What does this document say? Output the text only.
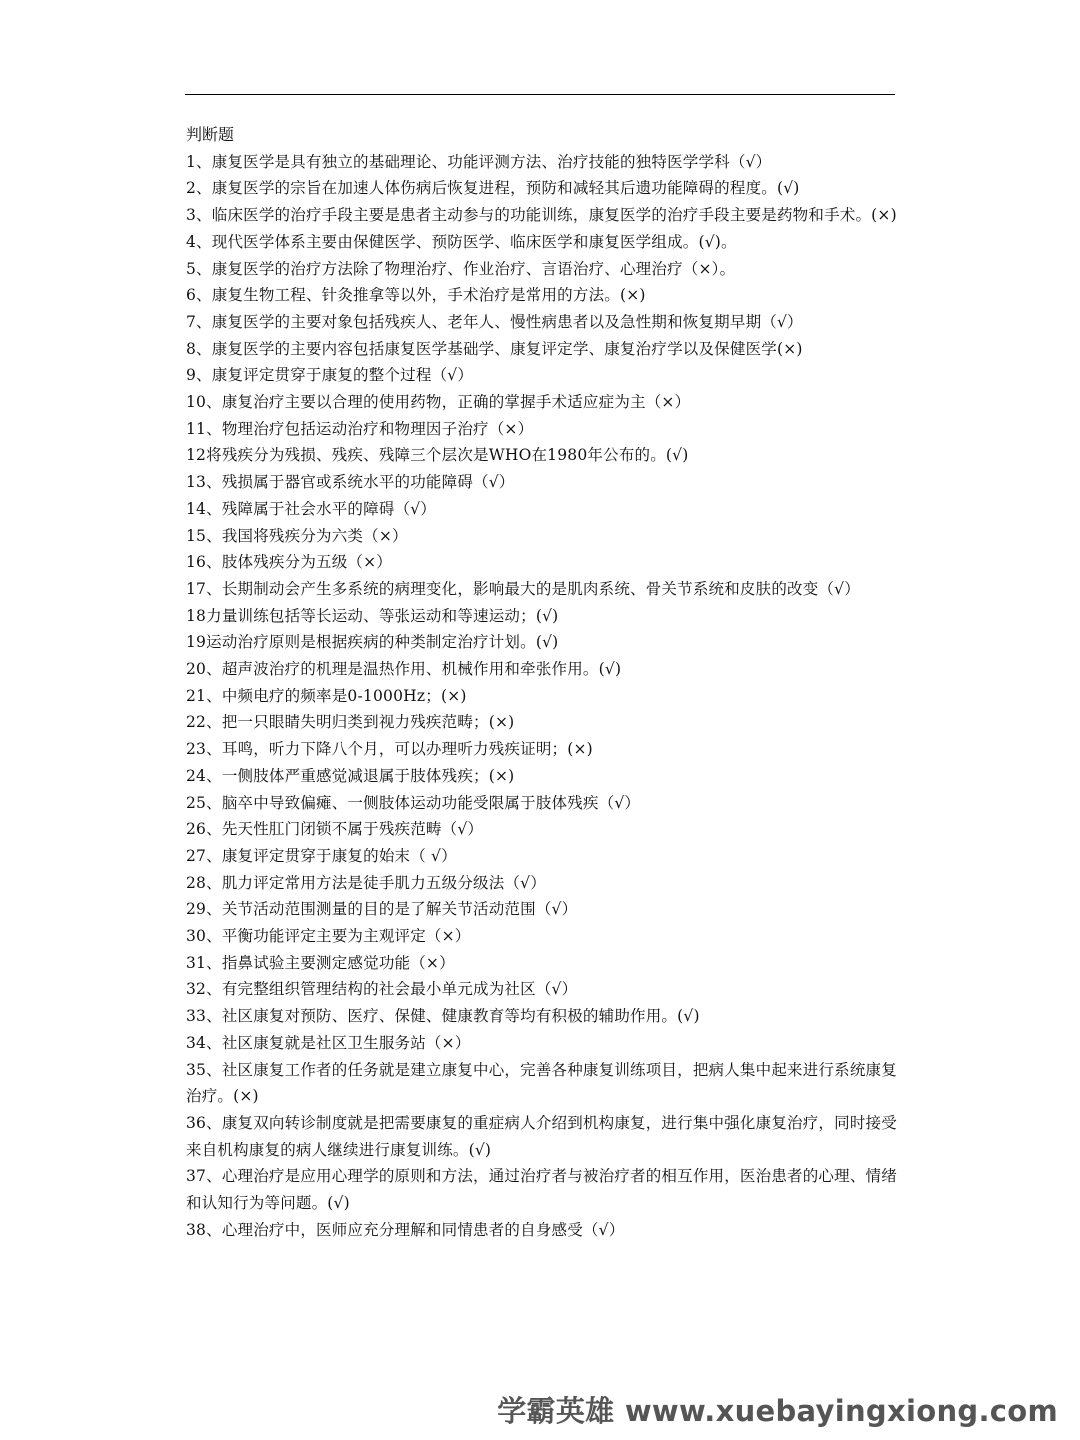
判断题
1、康复医学是具有独立的基础理论、功能评测方法、治疗技能的独特医学学科（√）
2、康复医学的宗旨在加速人体伤病后恢复进程，预防和减轻其后遗功能障碍的程度。(√)
3、临床医学的治疗手段主要是患者主动参与的功能训练，康复医学的治疗手段主要是药物和手术。(×)
4、现代医学体系主要由保健医学、预防医学、临床医学和康复医学组成。(√)。
5、康复医学的治疗方法除了物理治疗、作业治疗、言语治疗、心理治疗（×）。
6、康复生物工程、针灸推拿等以外，手术治疗是常用的方法。(×)
7、康复医学的主要对象包括残疾人、老年人、慢性病患者以及急性期和恢复期早期（√）
8、康复医学的主要内容包括康复医学基础学、康复评定学、康复治疗学以及保健医学(×)
9、康复评定贯穿于康复的整个过程（√）
10、康复治疗主要以合理的使用药物，正确的掌握手术适应症为主（×）
11、物理治疗包括运动治疗和物理因子治疗（×）
12将残疾分为残损、残疾、残障三个层次是WHO在1980年公布的。(√)
13、残损属于器官或系统水平的功能障碍（√）
14、残障属于社会水平的障碍（√）
15、我国将残疾分为六类（×）
16、肢体残疾分为五级（×）
17、长期制动会产生多系统的病理变化，影响最大的是肌肉系统、骨关节系统和皮肤的改变（√）
18力量训练包括等长运动、等张运动和等速运动；(√)
19运动治疗原则是根据疾病的种类制定治疗计划。(√)
20、超声波治疗的机理是温热作用、机械作用和牵张作用。(√)
21、中频电疗的频率是0-1000Hz；(×)
22、把一只眼睛失明归类到视力残疾范畴；(×)
23、耳鸣，听力下降八个月，可以办理听力残疾证明；(×)
24、一侧肢体严重感觉减退属于肢体残疾；(×)
25、脑卒中导致偏瘫、一侧肢体运动功能受限属于肢体残疾（√）
26、先天性肛门闭锁不属于残疾范畴（√）
27、康复评定贯穿于康复的始末（ √）
28、肌力评定常用方法是徒手肌力五级分级法（√）
29、关节活动范围测量的目的是了解关节活动范围（√）
30、平衡功能评定主要为主观评定（×）
31、指鼻试验主要测定感觉功能（×）
32、有完整组织管理结构的社会最小单元成为社区（√）
33、社区康复对预防、医疗、保健、健康教育等均有积极的辅助作用。(√)
34、社区康复就是社区卫生服务站（×）
35、社区康复工作者的任务就是建立康复中心，完善各种康复训练项目，把病人集中起来进行系统康复治疗。(×)
36、康复双向转诊制度就是把需要康复的重症病人介绍到机构康复，进行集中强化康复治疗，同时接受来自机构康复的病人继续进行康复训练。(√)
37、心理治疗是应用心理学的原则和方法，通过治疗者与被治疗者的相互作用，医治患者的心理、情绪和认知行为等问题。(√)
38、心理治疗中，医师应充分理解和同情患者的自身感受（√）
学霸英雄 www.xuebayingxiong.com
